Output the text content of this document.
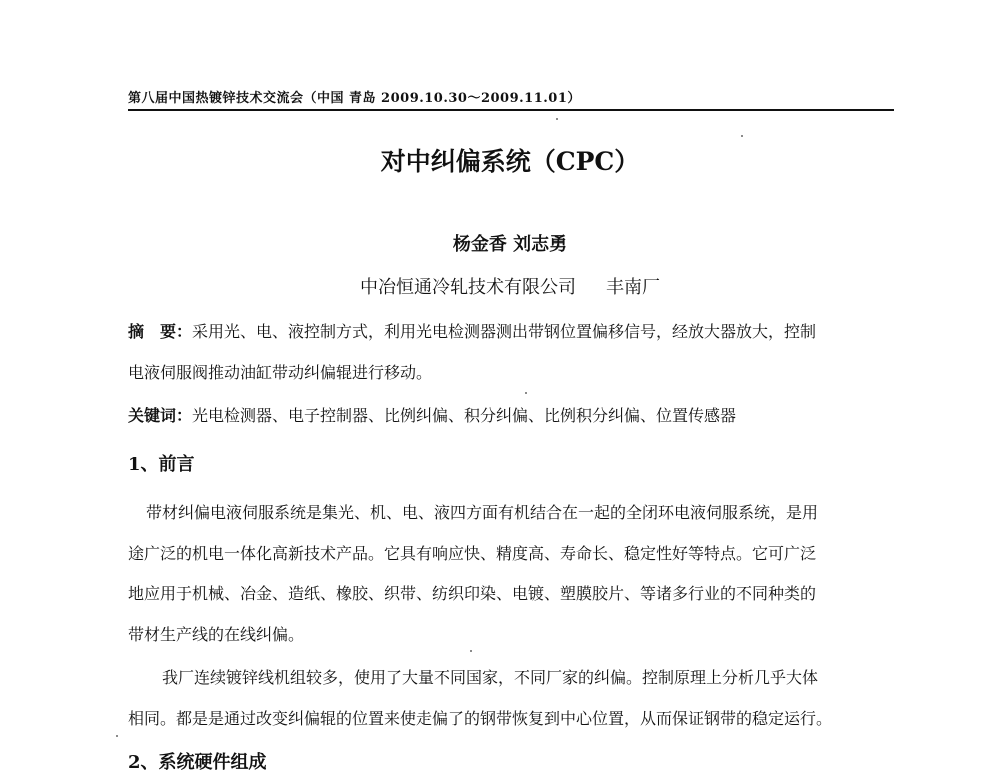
第八届中国热镀锌技术交流会（中国 青岛 2009.10.30～2009.11.01）
对中纠偏系统（CPC）
杨金香 刘志勇
中冶恒通冷轧技术有限公司 丰南厂
摘　要：采用光、电、液控制方式，利用光电检测器测出带钢位置偏移信号，经放大器放大，控制
电液伺服阀推动油缸带动纠偏辊进行移动。
关键词：光电检测器、电子控制器、比例纠偏、积分纠偏、比例积分纠偏、位置传感器
1、前言
带材纠偏电液伺服系统是集光、机、电、液四方面有机结合在一起的全闭环电液伺服系统，是用
途广泛的机电一体化高新技术产品。它具有响应快、精度高、寿命长、稳定性好等特点。它可广泛
地应用于机械、冶金、造纸、橡胶、织带、纺织印染、电镀、塑膜胶片、等诸多行业的不同种类的
带材生产线的在线纠偏。
我厂连续镀锌线机组较多，使用了大量不同国家，不同厂家的纠偏。控制原理上分析几乎大体
相同。都是是通过改变纠偏辊的位置来使走偏了的钢带恢复到中心位置，从而保证钢带的稳定运行。
2、系统硬件组成
